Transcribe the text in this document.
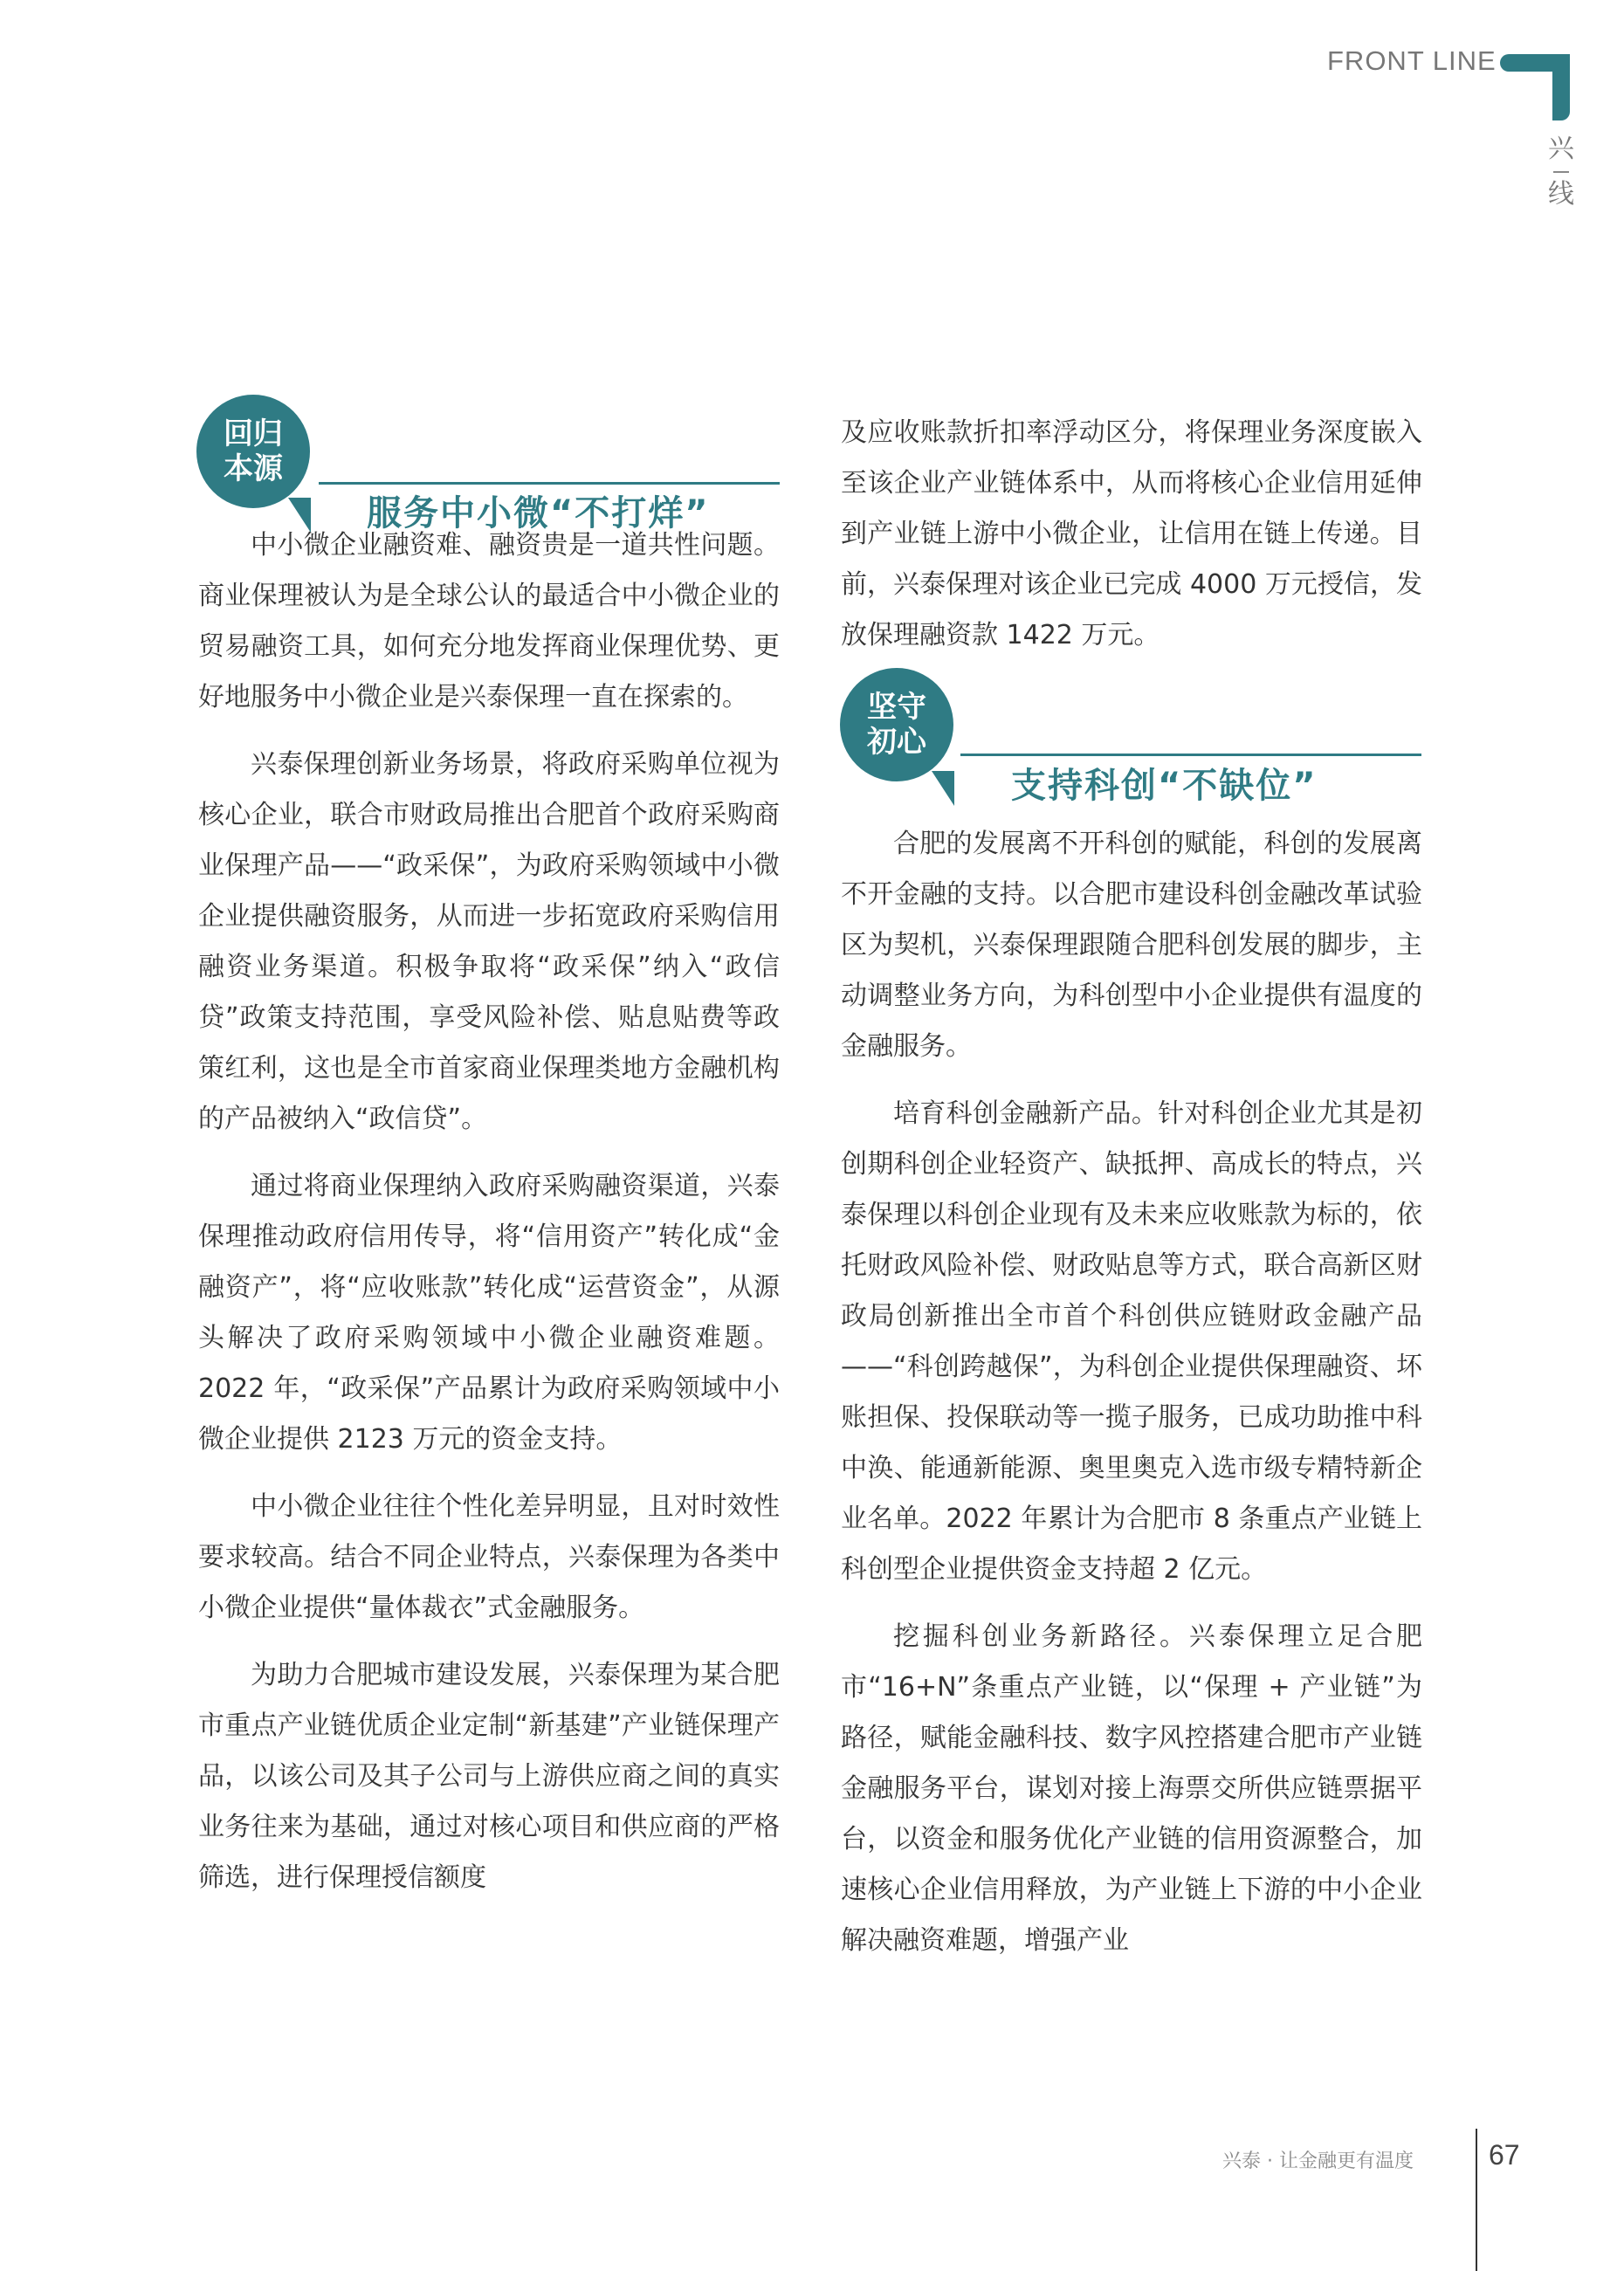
FRONT LINE
兴
线
回归
本源
服务中小微“不打烊”

中小微企业融资难、融资贵是一道共性问题。商业保理被认为是全球公认的最适合中小微企业的贸易融资工具，如何充分地发挥商业保理优势、更好地服务中小微企业是兴泰保理一直在探索的。

兴泰保理创新业务场景，将政府采购单位视为核心企业，联合市财政局推出合肥首个政府采购商业保理产品——“政采保”，为政府采购领域中小微企业提供融资服务，从而进一步拓宽政府采购信用融资业务渠道。积极争取将“政采保”纳入“政信贷”政策支持范围，享受风险补偿、贴息贴费等政策红利，这也是全市首家商业保理类地方金融机构的产品被纳入“政信贷”。

通过将商业保理纳入政府采购融资渠道，兴泰保理推动政府信用传导，将“信用资产”转化成“金融资产”，将“应收账款”转化成“运营资金”，从源头解决了政府采购领域中小微企业融资难题。2022 年，“政采保”产品累计为政府采购领域中小微企业提供 2123 万元的资金支持。

中小微企业往往个性化差异明显，且对时效性要求较高。结合不同企业特点，兴泰保理为各类中小微企业提供“量体裁衣”式金融服务。

为助力合肥城市建设发展，兴泰保理为某合肥市重点产业链优质企业定制“新基建”产业链保理产品，以该公司及其子公司与上游供应商之间的真实业务往来为基础，通过对核心项目和供应商的严格筛选，进行保理授信额度

及应收账款折扣率浮动区分，将保理业务深度嵌入至该企业产业链体系中，从而将核心企业信用延伸到产业链上游中小微企业，让信用在链上传递。目前，兴泰保理对该企业已完成 4000 万元授信，发放保理融资款 1422 万元。

坚守
初心
支持科创“不缺位”

合肥的发展离不开科创的赋能，科创的发展离不开金融的支持。以合肥市建设科创金融改革试验区为契机，兴泰保理跟随合肥科创发展的脚步，主动调整业务方向，为科创型中小企业提供有温度的金融服务。

培育科创金融新产品。针对科创企业尤其是初创期科创企业轻资产、缺抵押、高成长的特点，兴泰保理以科创企业现有及未来应收账款为标的，依托财政风险补偿、财政贴息等方式，联合高新区财政局创新推出全市首个科创供应链财政金融产品——“科创跨越保”，为科创企业提供保理融资、坏账担保、投保联动等一揽子服务，已成功助推中科中涣、能通新能源、奥里奥克入选市级专精特新企业名单。2022 年累计为合肥市 8 条重点产业链上科创型企业提供资金支持超 2 亿元。

挖掘科创业务新路径。兴泰保理立足合肥市“16+N”条重点产业链，以“保理 + 产业链”为路径，赋能金融科技、数字风控搭建合肥市产业链金融服务平台，谋划对接上海票交所供应链票据平台，以资金和服务优化产业链的信用资源整合，加速核心企业信用释放，为产业链上下游的中小企业解决融资难题，增强产业

兴泰 · 让金融更有温度	67
